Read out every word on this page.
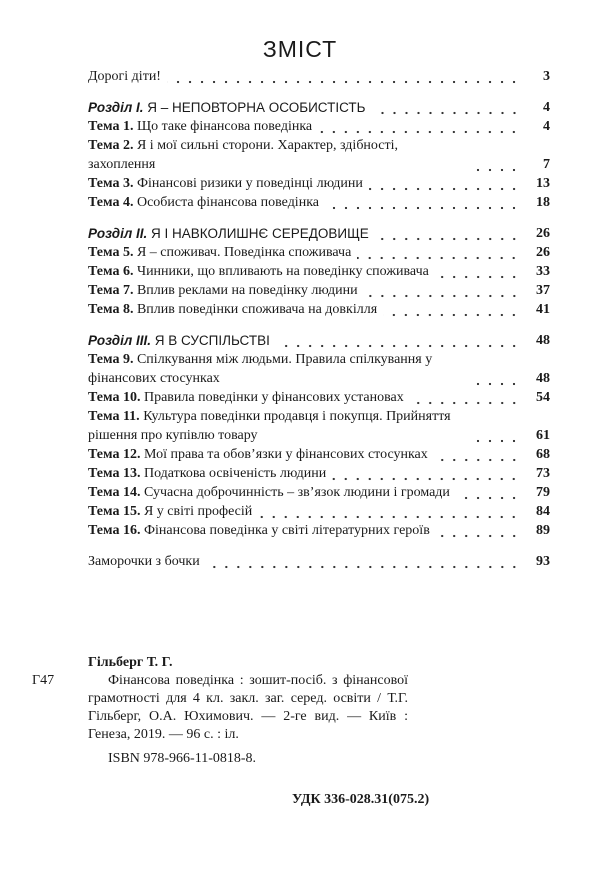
ЗМІСТ
Дорогі діти!	3
Розділ I. Я – НЕПОВТОРНА ОСОБИСТІСТЬ	4
Тема 1. Що таке фінансова поведінка	4
Тема 2. Я і мої сильні сторони. Характер, здібності, захоплення	7
Тема 3. Фінансові ризики у поведінці людини	13
Тема 4. Особиста фінансова поведінка	18
Розділ II. Я І НАВКОЛИШНЄ СЕРЕДОВИЩЕ	26
Тема 5. Я – споживач. Поведінка споживача	26
Тема 6. Чинники, що впливають на поведінку споживача	33
Тема 7. Вплив реклами на поведінку людини	37
Тема 8. Вплив поведінки споживача на довкілля	41
Розділ III. Я В СУСПІЛЬСТВІ	48
Тема 9. Спілкування між людьми. Правила спілкування у фінансових стосунках	48
Тема 10. Правила поведінки у фінансових установах	54
Тема 11. Культура поведінки продавця і покупця. Прийняття рішення про купівлю товару	61
Тема 12. Мої права та обов’язки у фінансових стосунках	68
Тема 13. Податкова освіченість людини	73
Тема 14. Сучасна доброчинність – зв’язок людини і громади	79
Тема 15. Я у світі професій	84
Тема 16. Фінансова поведінка у світі літературних героїв	89
Заморочки з бочки	93
Гільберг Т. Г.
Г47	Фінансова поведінка : зошит-посіб. з фінансової грамотності для 4 кл. закл. заг. серед. освіти / Т.Г. Гільберг, О.А. Юхимович. — 2-ге вид. — Київ : Генеза, 2019. — 96 с. : іл.
ISBN 978-966-11-0818-8.
УДК 336-028.31(075.2)
